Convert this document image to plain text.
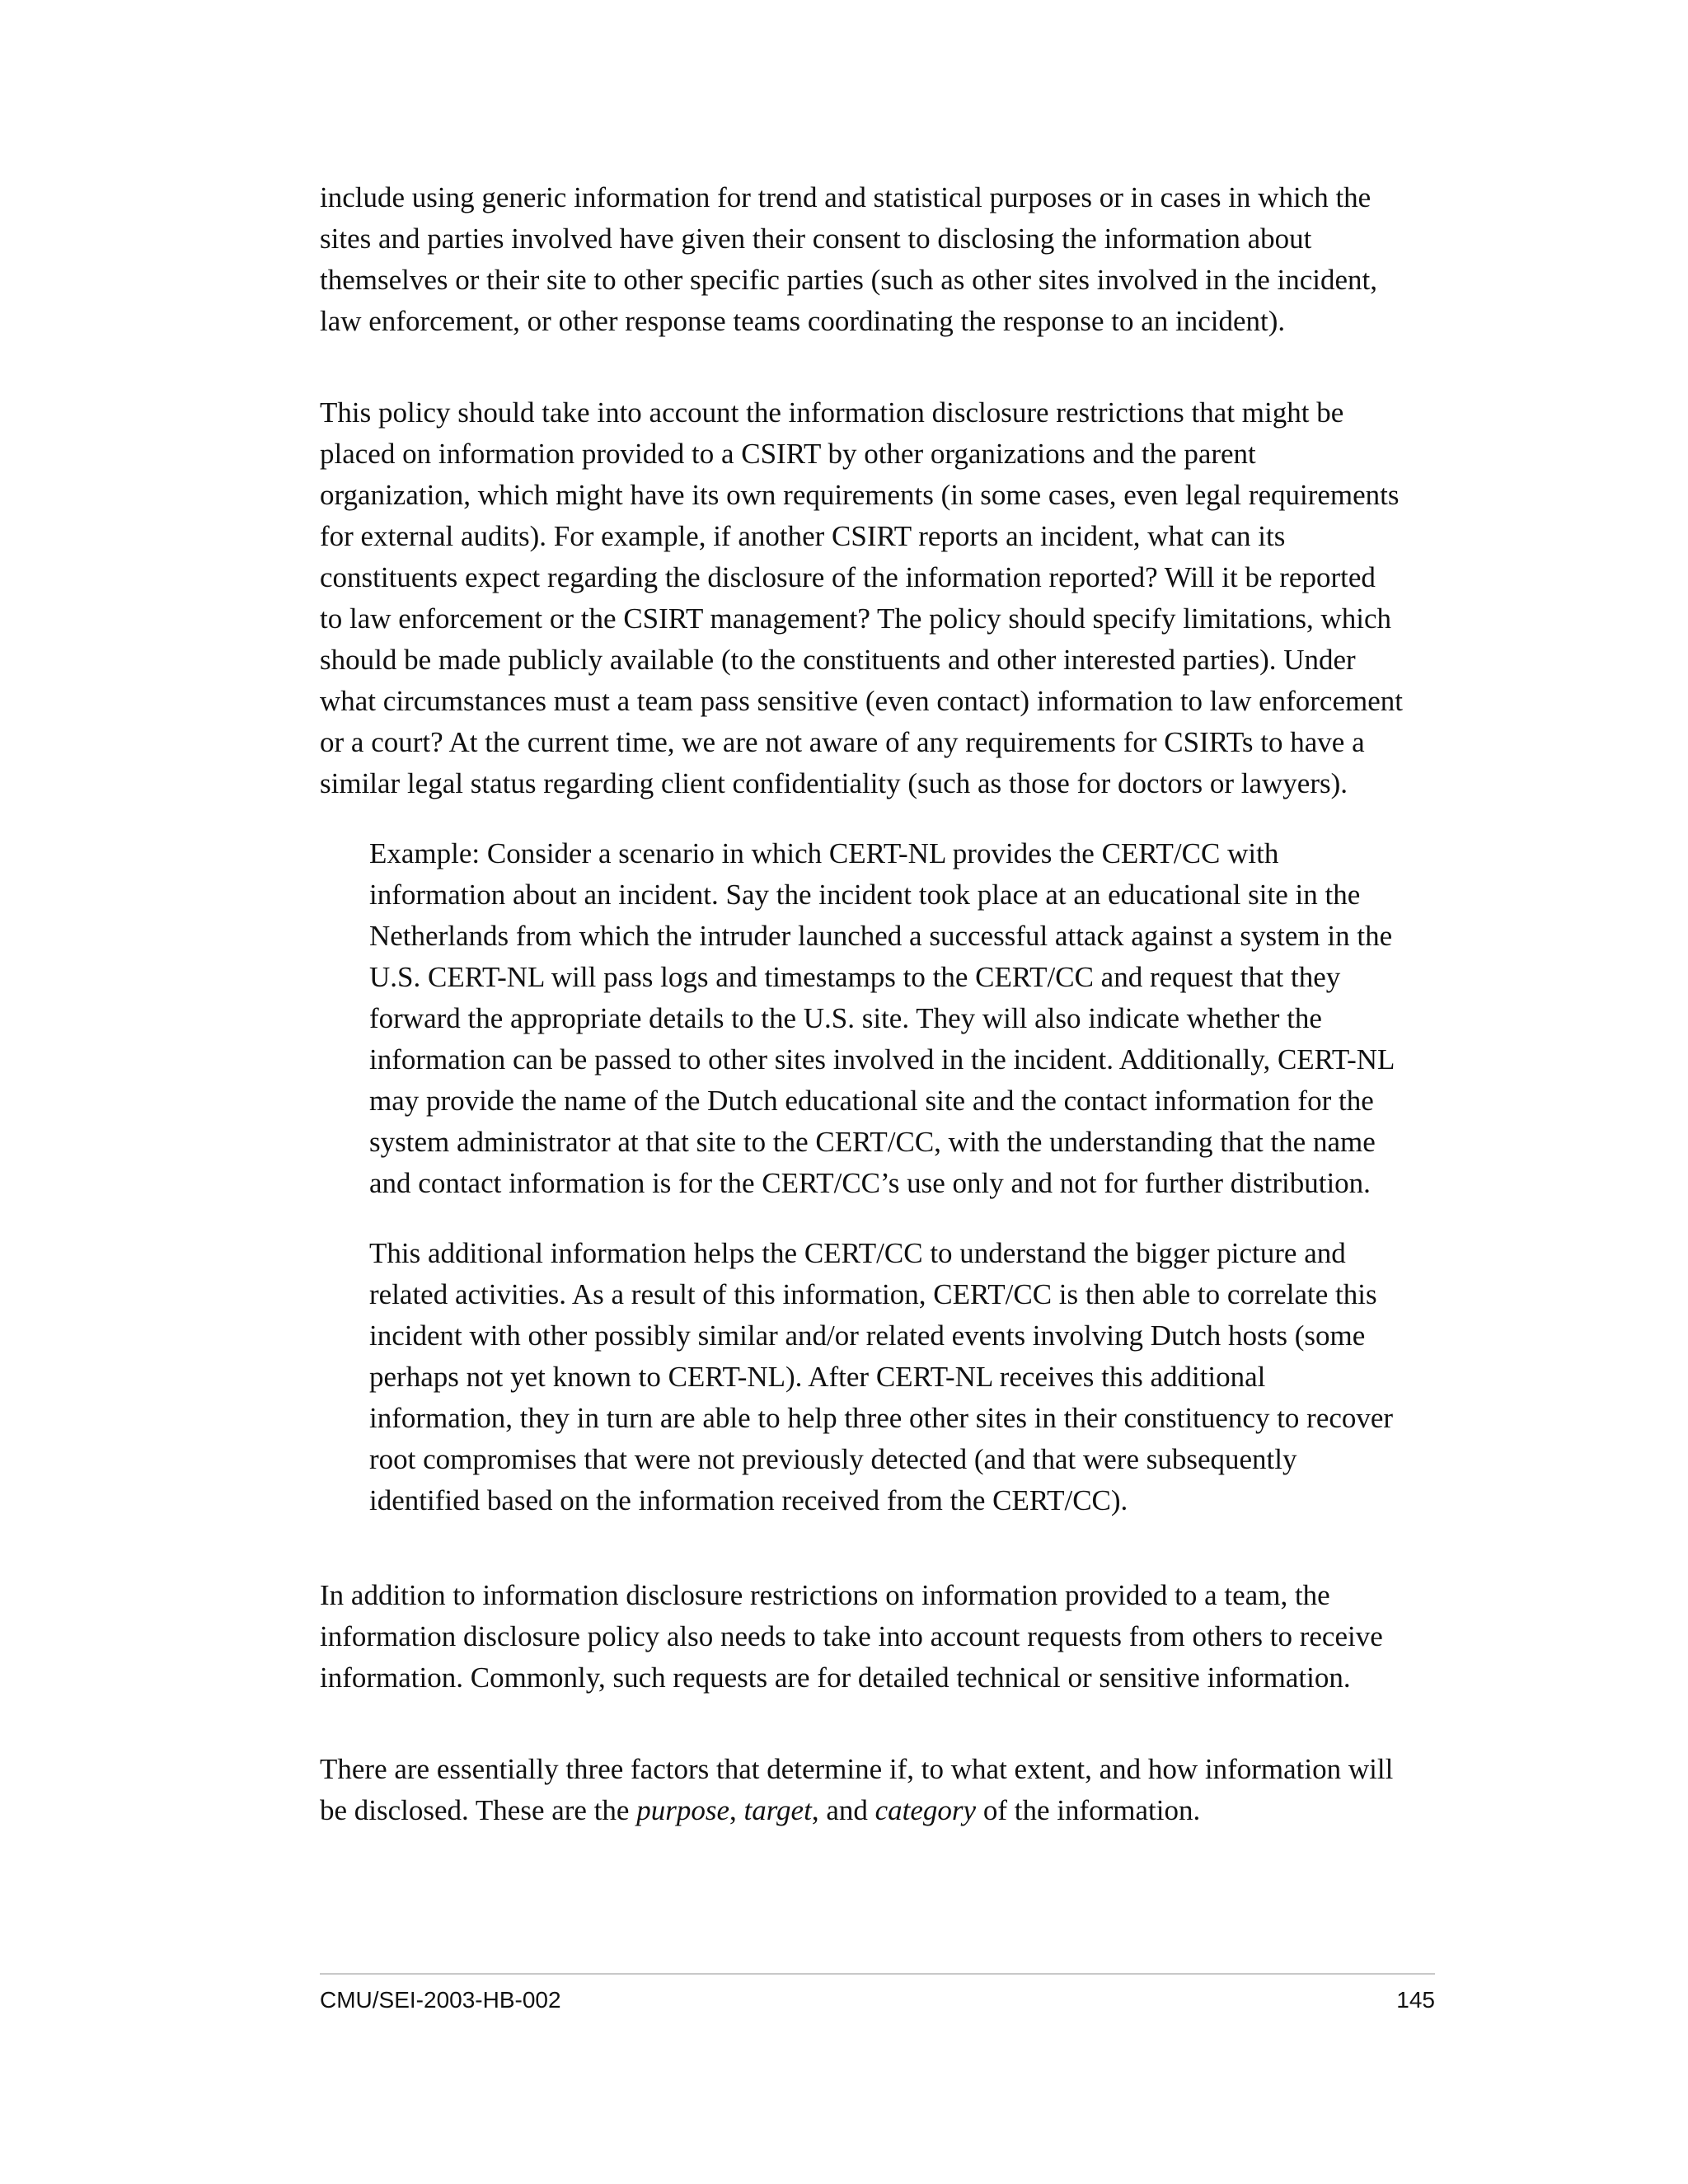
include using generic information for trend and statistical purposes or in cases in which the
sites and parties involved have given their consent to disclosing the information about
themselves or their site to other specific parties (such as other sites involved in the incident,
law enforcement, or other response teams coordinating the response to an incident).
This policy should take into account the information disclosure restrictions that might be
placed on information provided to a CSIRT by other organizations and the parent
organization, which might have its own requirements (in some cases, even legal requirements
for external audits). For example, if another CSIRT reports an incident, what can its
constituents expect regarding the disclosure of the information reported? Will it be reported
to law enforcement or the CSIRT management? The policy should specify limitations, which
should be made publicly available (to the constituents and other interested parties). Under
what circumstances must a team pass sensitive (even contact) information to law enforcement
or a court? At the current time, we are not aware of any requirements for CSIRTs to have a
similar legal status regarding client confidentiality (such as those for doctors or lawyers).
Example: Consider a scenario in which CERT-NL provides the CERT/CC with
information about an incident. Say the incident took place at an educational site in the
Netherlands from which the intruder launched a successful attack against a system in the
U.S. CERT-NL will pass logs and timestamps to the CERT/CC and request that they
forward the appropriate details to the U.S. site. They will also indicate whether the
information can be passed to other sites involved in the incident. Additionally, CERT-NL
may provide the name of the Dutch educational site and the contact information for the
system administrator at that site to the CERT/CC, with the understanding that the name
and contact information is for the CERT/CC’s use only and not for further distribution.
This additional information helps the CERT/CC to understand the bigger picture and
related activities. As a result of this information, CERT/CC is then able to correlate this
incident with other possibly similar and/or related events involving Dutch hosts (some
perhaps not yet known to CERT-NL). After CERT-NL receives this additional
information, they in turn are able to help three other sites in their constituency to recover
root compromises that were not previously detected (and that were subsequently
identified based on the information received from the CERT/CC).
In addition to information disclosure restrictions on information provided to a team, the
information disclosure policy also needs to take into account requests from others to receive
information. Commonly, such requests are for detailed technical or sensitive information.
There are essentially three factors that determine if, to what extent, and how information will
be disclosed. These are the purpose, target, and category of the information.
CMU/SEI-2003-HB-002	145
